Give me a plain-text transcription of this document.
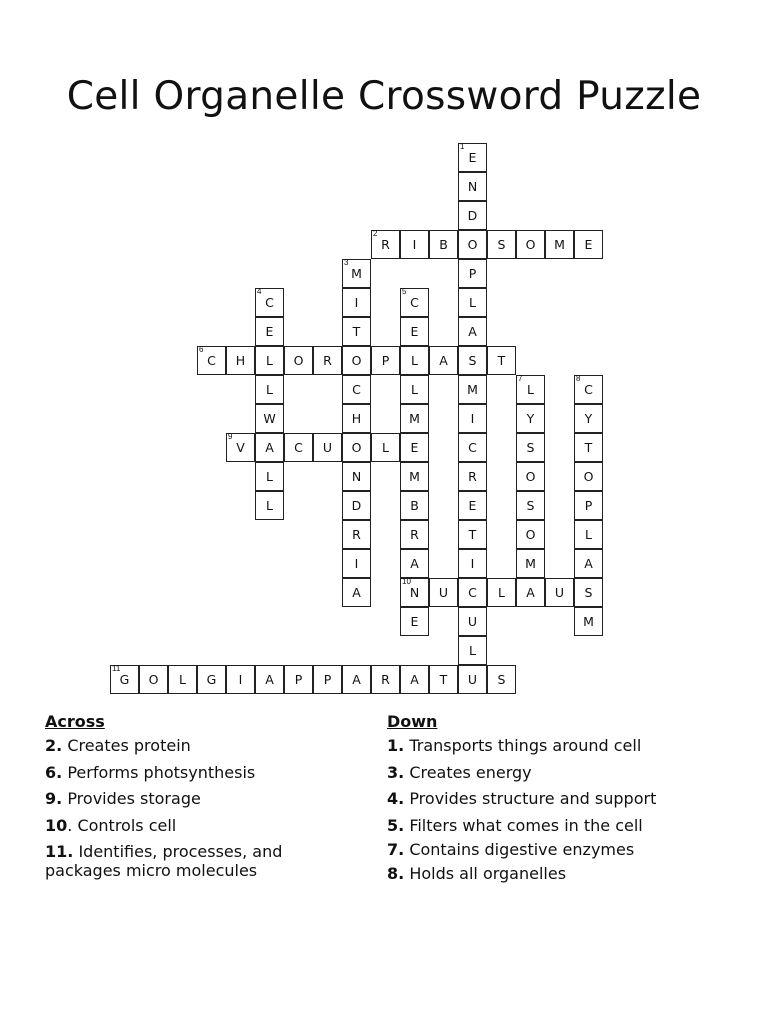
Cell Organelle Crossword Puzzle
1
E
N
D
O
P
L
A
S
M
I
C
R
E
T
I
C
U
L
2
R	I	B	S	O	M	E
3
M
I
T
O
C
H
O
N
D
R
I
A
4
C
E
L
L
W
A
L
L
5
C
E
L
L
M
E
M
B
R
A
10
N
E
6
C	H	O	R	P	A	T
7
L
Y
S
O
S
O
M
A
8
C
Y
T
O
P
L
A
S
M
9
V	C	U	L
U	L	U
11
G	O	L	G	I	A	P	P	A	R	A	T	U	S
Across
2. Creates protein
6. Performs photsynthesis
9. Provides storage
10. Controls cell
11. Identifies, processes, and packages micro molecules
Down
1. Transports things around cell
3. Creates energy
4. Provides structure and support
5. Filters what comes in the cell
7. Contains digestive enzymes
8. Holds all organelles
